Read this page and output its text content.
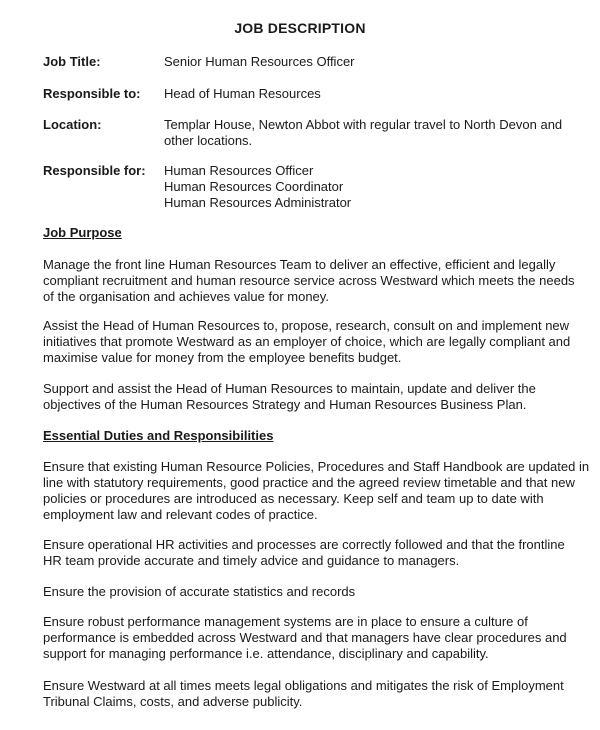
JOB DESCRIPTION
Job Title:	Senior Human Resources Officer
Responsible to:	Head of Human Resources
Location:	Templar House, Newton Abbot with regular travel to North Devon and
other locations.
Responsible for:	Human Resources Officer
Human Resources Coordinator
Human Resources Administrator
Job Purpose

Manage the front line Human Resources Team to deliver an effective, efficient and legally
compliant recruitment and human resource service across Westward which meets the needs
of the organisation and achieves value for money.

Assist the Head of Human Resources to, propose, research, consult on and implement new
initiatives that promote Westward as an employer of choice, which are legally compliant and
maximise value for money from the employee benefits budget.

Support and assist the Head of Human Resources to maintain, update and deliver the
objectives of the Human Resources Strategy and Human Resources Business Plan.

Essential Duties and Responsibilities

Ensure that existing Human Resource Policies, Procedures and Staff Handbook are updated in
line with statutory requirements, good practice and the agreed review timetable and that new
policies or procedures are introduced as necessary. Keep self and team up to date with
employment law and relevant codes of practice.

Ensure operational HR activities and processes are correctly followed and that the frontline
HR team provide accurate and timely advice and guidance to managers.

Ensure the provision of accurate statistics and records

Ensure robust performance management systems are in place to ensure a culture of
performance is embedded across Westward and that managers have clear procedures and
support for managing performance i.e. attendance, disciplinary and capability.

Ensure Westward at all times meets legal obligations and mitigates the risk of Employment
Tribunal Claims, costs, and adverse publicity.
